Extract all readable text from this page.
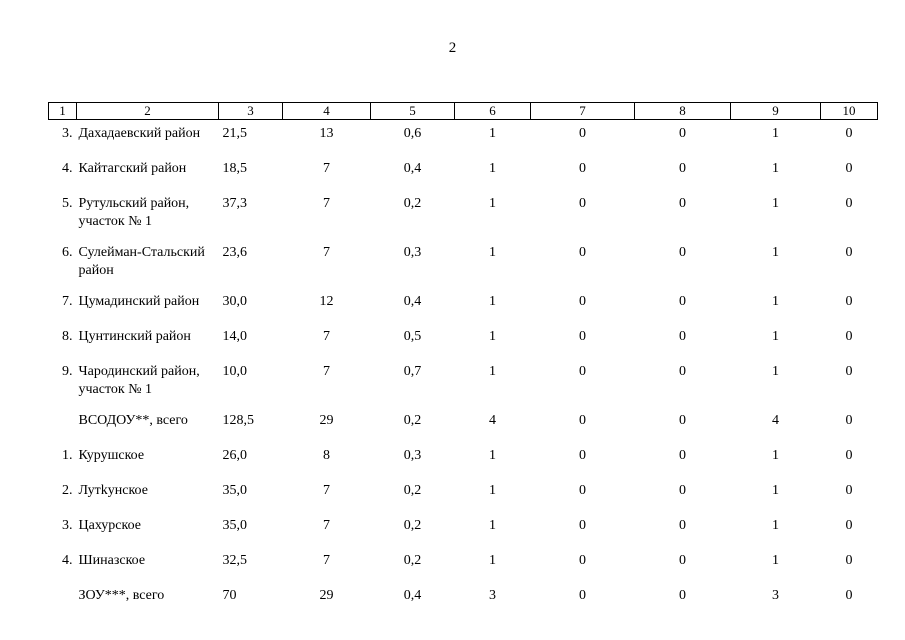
2
1	2	3	4	5	6	7	8	9	10
3.	Дахадаевский район	21,5	13	0,6	1	0	0	1	0
4.	Кайтагский район	18,5	7	0,4	1	0	0	1	0
5.	Рутульский район, участок № 1	37,3	7	0,2	1	0	0	1	0
6.	Сулейман-Стальский район	23,6	7	0,3	1	0	0	1	0
7.	Цумадинский район	30,0	12	0,4	1	0	0	1	0
8.	Цунтинский район	14,0	7	0,5	1	0	0	1	0
9.	Чародинский район, участок № 1	10,0	7	0,7	1	0	0	1	0
	ВСОДОУ**, всего	128,5	29	0,2	4	0	0	4	0
1.	Курушское	26,0	8	0,3	1	0	0	1	0
2.	Лутkунское	35,0	7	0,2	1	0	0	1	0
3.	Цахурское	35,0	7	0,2	1	0	0	1	0
4.	Шиназское	32,5	7	0,2	1	0	0	1	0
	ЗОУ***, всего	70	29	0,4	3	0	0	3	0
